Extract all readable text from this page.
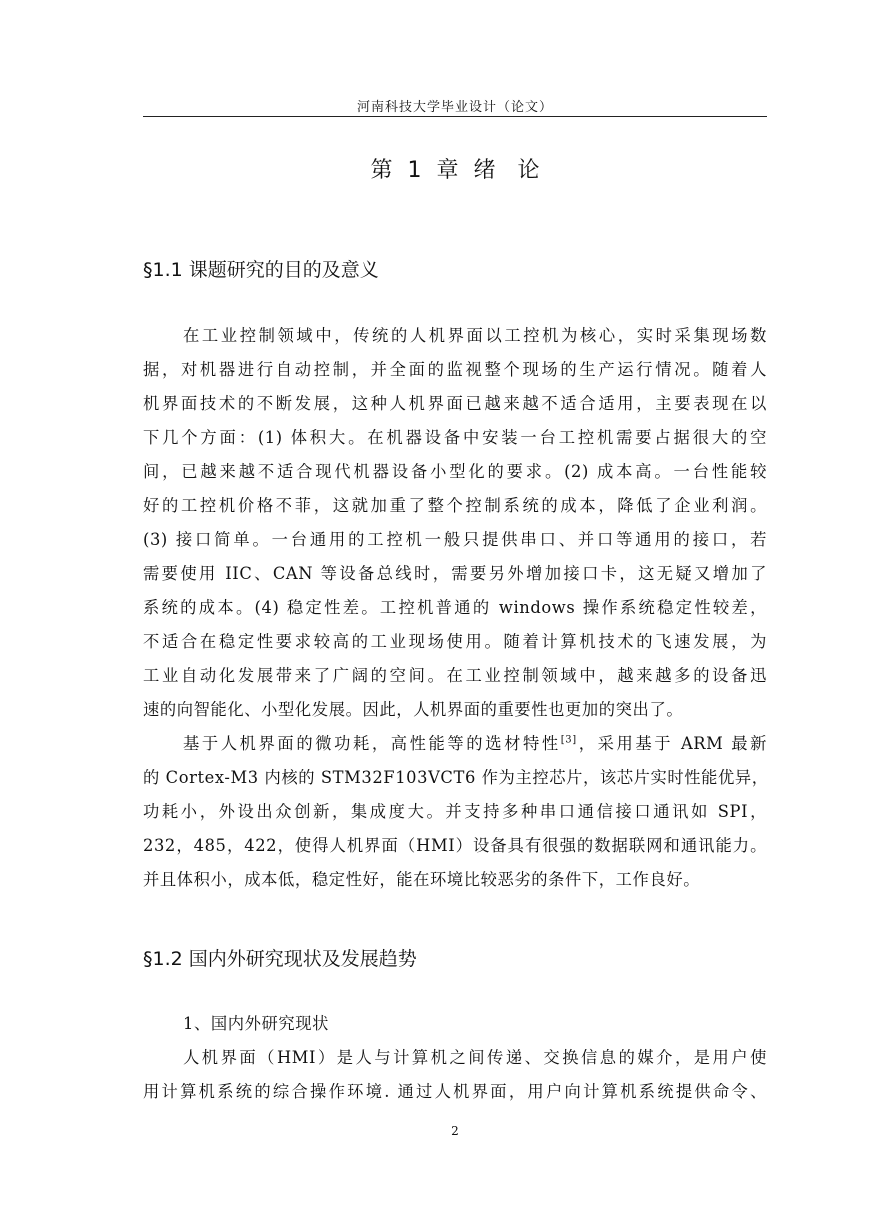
河南科技大学毕业设计（论文）
第 1 章 绪　论
§1.1 课题研究的目的及意义
在工业控制领域中，传统的人机界面以工控机为核心，实时采集现场数
据，对机器进行自动控制，并全面的监视整个现场的生产运行情况。随着人
机界面技术的不断发展，这种人机界面已越来越不适合适用，主要表现在以
下几个方面：(1) 体积大。在机器设备中安装一台工控机需要占据很大的空
间，已越来越不适合现代机器设备小型化的要求。(2) 成本高。一台性能较
好的工控机价格不菲，这就加重了整个控制系统的成本，降低了企业利润。
(3) 接口简单。一台通用的工控机一般只提供串口、并口等通用的接口，若
需要使用 IIC、CAN 等设备总线时，需要另外增加接口卡，这无疑又增加了
系统的成本。(4) 稳定性差。工控机普通的 windows 操作系统稳定性较差，
不适合在稳定性要求较高的工业现场使用。随着计算机技术的飞速发展，为
工业自动化发展带来了广阔的空间。在工业控制领域中，越来越多的设备迅
速的向智能化、小型化发展。因此，人机界面的重要性也更加的突出了。
基于人机界面的微功耗，高性能等的选材特性[3]，采用基于 ARM 最新
的 Cortex-M3 内核的 STM32F103VCT6 作为主控芯片，该芯片实时性能优异，
功耗小，外设出众创新，集成度大。并支持多种串口通信接口通讯如 SPI，
232，485，422，使得人机界面（HMI）设备具有很强的数据联网和通讯能力。
并且体积小，成本低，稳定性好，能在环境比较恶劣的条件下，工作良好。
§1.2 国内外研究现状及发展趋势
1、国内外研究现状
人机界面（HMI）是人与计算机之间传递、交换信息的媒介，是用户使
用计算机系统的综合操作环境. 通过人机界面，用户向计算机系统提供命令、
2
